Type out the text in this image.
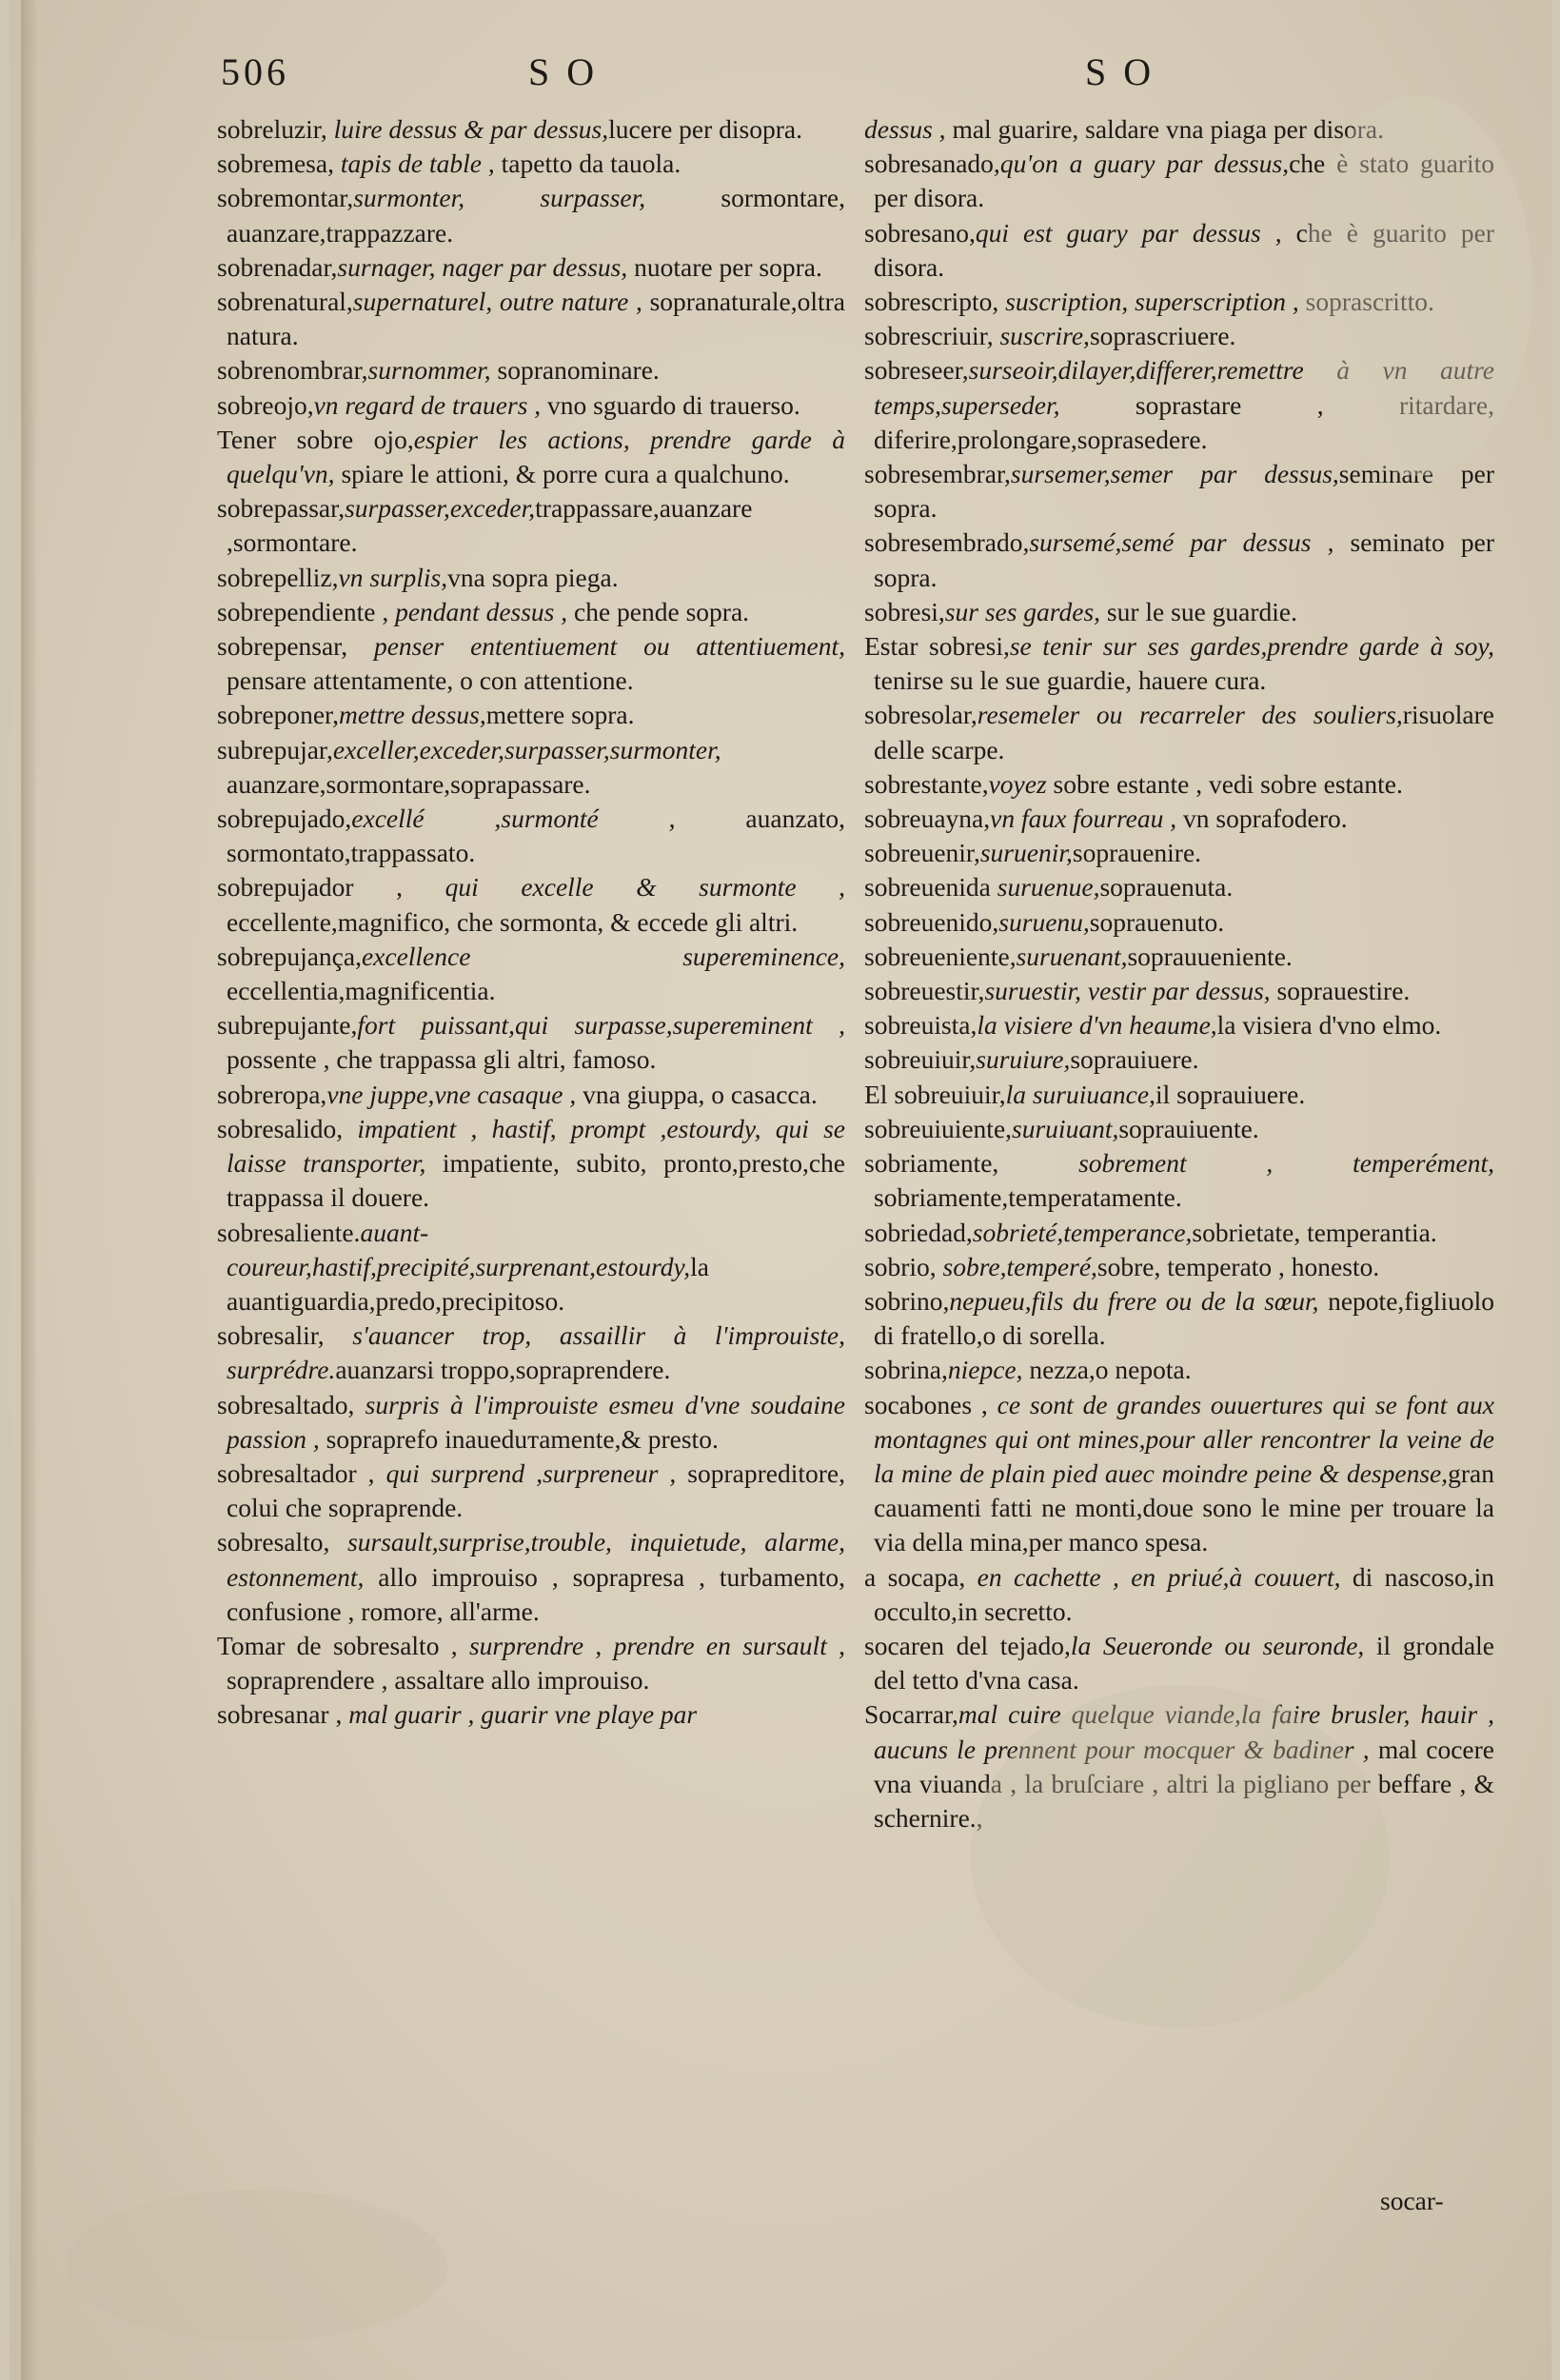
506	S O	S O
sobreluzir, luire dessus & par dessus,lucere per disopra.
sobremesa, tapis de table , tapetto da tauola.
sobremontar,surmonter, surpasser, sormontare, auanzare,trappazzare.
sobrenadar,surnager, nager par dessus, nuotare per sopra.
sobrenatural,supernaturel, outre nature , sopranaturale,oltra natura.
sobrenombrar,surnommer, sopranominare.
sobreojo,vn regard de trauers , vno sguardo di trauerso.
Tener sobre ojo,espier les actions, prendre garde à quelqu'vn, spiare le attioni, & porre cura a qualchuno.
sobrepassar,surpasser,exceder,trappassare,auanzare ,sormontare.
sobrepelliz,vn surplis,vna sopra piega.
sobrependiente , pendant dessus , che pende sopra.
sobrepensar, penser ententiuement ou attentiuement, pensare attentamente, o con attentione.
sobreponer,mettre dessus,mettere sopra.
subrepujar,exceller,exceder,surpasser,surmonter, auanzare,sormontare,soprapassare.
sobrepujado,excellé ,surmonté , auanzato, sormontato,trappassato.
sobrepujador , qui excelle & surmonte , eccellente,magnifico, che sormonta, & eccede gli altri.
sobrepujança,excellence supereminence, eccellentia,magnificentia.
subrepujante,fort puissant,qui surpasse,supereminent , possente , che trappassa gli altri, famoso.
sobreropa,vne juppe,vne casaque , vna giuppa, o casacca.
sobresalido, impatient , hastif, prompt ,estourdy, qui se laisse transporter, impatiente, subito, pronto,presto,che trappassa il douere.
sobresaliente.auant-coureur,hastif,precipité,surprenant,estourdy,la auantiguardia,predo,precipitoso.
sobresalir, s'auancer trop, assaillir à l'improuiste, surprédre.auanzarsi troppo,sopraprendere.
sobresaltado, surpris à l'improuiste esmeu d'vne soudaine passion , sopraprefo inaueduтamente,& presto.
sobresaltador , qui surprend ,surpreneur , soprapreditore, colui che sopraprende.
sobresalto, sursault,surprise,trouble, inquietude, alarme, estonnement, allo improuiso , soprapresa , turbamento, confusione , romore, all'arme.
Tomar de sobresalto , surprendre , prendre en sursault , sopraprendere , assaltare allo improuiso.
sobresanar , mal guarir , guarir vne playe par
dessus , mal guarire, saldare vna piaga per disora.
sobresanado,qu'on a guary par dessus,che è stato guarito per disora.
sobresano,qui est guary par dessus , che è guarito per disora.
sobrescripto, suscription, superscription , soprascritto.
sobrescriuir, suscrire,soprascriuere.
sobreseer,surseoir,dilayer,differer,remettre à vn autre temps,superseder, soprastare , ritardare, diferire,prolongare,soprasedere.
sobresembrar,sursemer,semer par dessus,seminare per sopra.
sobresembrado,sursemé,semé par dessus , seminato per sopra.
sobresi,sur ses gardes, sur le sue guardie.
Estar sobresi,se tenir sur ses gardes,prendre garde à soy, tenirse su le sue guardie, hauere cura.
sobresolar,resemeler ou recarreler des souliers,risuolare delle scarpe.
sobrestante,voyez sobre estante , vedi sobre estante.
sobreuayna,vn faux fourreau , vn soprafodero.
sobreuenir,suruenir,soprauenire.
sobreuenida suruenue,soprauenuta.
sobreuenido,suruenu,soprauenuto.
sobreueniente,suruenant,soprauueniente.
sobreuestir,suruestir, vestir par dessus, soprauestire.
sobreuista,la visiere d'vn heaume,la visiera d'vno elmo.
sobreuiuir,suruiure,soprauiuere.
El sobreuiuir,la suruiuance,il soprauiuere.
sobreuiuiente,suruiuant,soprauiuente.
sobriamente, sobrement , temperément, sobriamente,temperatamente.
sobriedad,sobrieté,temperance,sobrietate, temperantia.
sobrio, sobre,temperé,sobre, temperato , honesto.
sobrino,nepueu,fils du frere ou de la sœur, nepote,figliuolo di fratello,o di sorella.
sobrina,niepce, nezza,o nepota.
socabones , ce sont de grandes ouuertures qui se font aux montagnes qui ont mines,pour aller rencontrer la veine de la mine de plain pied auec moindre peine & despense,gran cauamenti fatti ne monti,doue sono le mine per trouare la via della mina,per manco spesa.
a socapa, en cachette , en priué,à couuert, di nascoso,in occulto,in secretto.
socaren del tejado,la Seueronde ou seuronde, il grondale del tetto d'vna casa.
Socarrar,mal cuire quelque viande,la faire brusler, hauir , aucuns le prennent pour mocquer & badiner , mal cocere vna viuanda , la bruſciare , altri la pigliano per beffare , & schernire.,
socar-
